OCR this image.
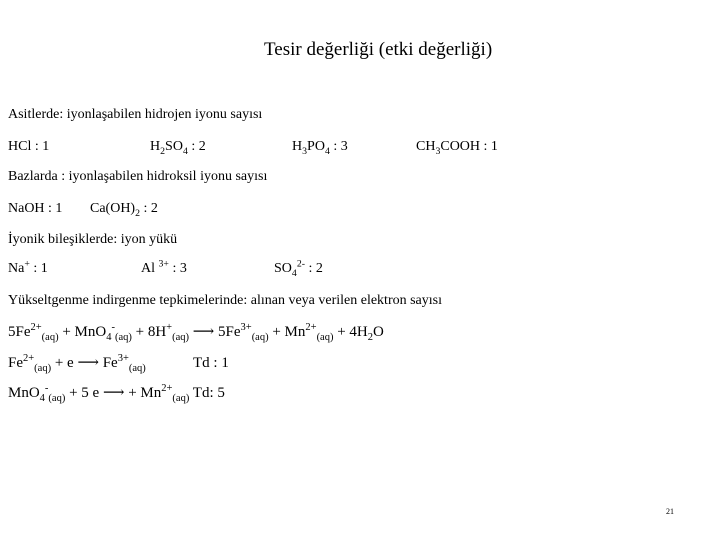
Tesir değerliği (etki değerliği)
Asitlerde: iyonlaşabilen hidrojen iyonu sayısı
HCl : 1	$H_2SO_4$ : 2	$H_3PO_4$ : 3	$CH_3COOH$ : 1
Bazlarda : iyonlaşabilen hidroksil iyonu sayısı
NaOH : 1 $Ca(OH)_2$ : 2
İyonik bileşiklerde: iyon yükü
Na+ : 1	Al $^{3+}$ : 3	$SO_4^{2-}$ : 2
Yükseltgenme indirgenme tepkimelerinde: alınan veya verilen elektron sayısı
$5Fe^{2+}_{(aq)} + MnO_4^-_{(aq)} + 8H^+_{(aq)}$ ⟶ $5Fe^{3+}_{(aq)} + Mn^{2+}_{(aq)} + 4H_2O$
$Fe^{2+}_{(aq)} + e$ ⟶ $Fe^{3+}_{(aq)}$	Td : 1
MnO$_4$-$_{(aq)}$ + 5 e ⟶ + $Mn^{2+}_{(aq)}$ Td: 5
21
